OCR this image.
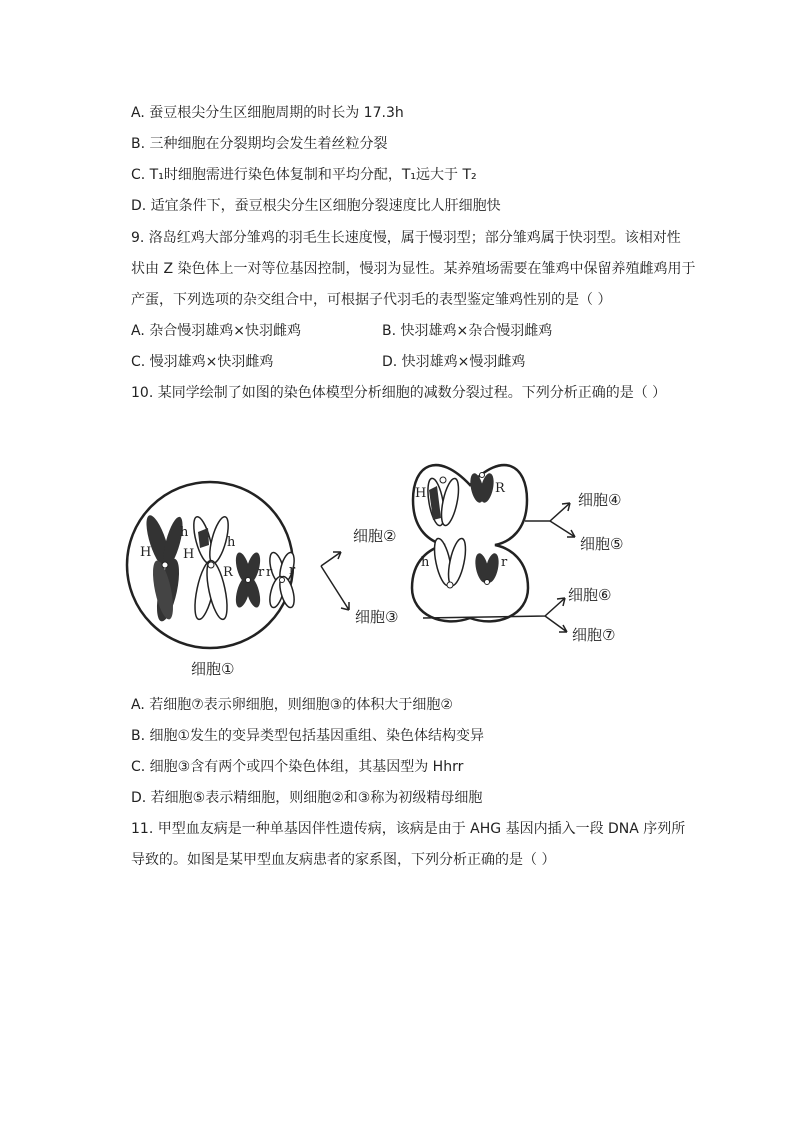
A. 蚕豆根尖分生区细胞周期的时长为 17.3h
B. 三种细胞在分裂期均会发生着丝粒分裂
C. T₁时细胞需进行染色体复制和平均分配，T₁远大于 T₂
D. 适宜条件下，蚕豆根尖分生区细胞分裂速度比人肝细胞快
9. 洛岛红鸡大部分雏鸡的羽毛生长速度慢，属于慢羽型；部分雏鸡属于快羽型。该相对性
状由 Z 染色体上一对等位基因控制，慢羽为显性。某养殖场需要在雏鸡中保留养殖雌鸡用于
产蛋，下列选项的杂交组合中，可根据子代羽毛的表型鉴定雏鸡性别的是（ ）
A. 杂合慢羽雄鸡×快羽雌鸡	B. 快羽雄鸡×杂合慢羽雌鸡
C. 慢羽雄鸡×快羽雌鸡	D. 快羽雄鸡×慢羽雌鸡
10. 某同学绘制了如图的染色体模型分析细胞的减数分裂过程。下列分析正确的是（ ）
H
h
H
h
R r r r
细胞①
细胞②
细胞③
H	R
h	r
细胞④
细胞⑤
细胞⑥
细胞⑦
A. 若细胞⑦表示卵细胞，则细胞③的体积大于细胞②
B. 细胞①发生的变异类型包括基因重组、染色体结构变异
C. 细胞③含有两个或四个染色体组，其基因型为 Hhrr
D. 若细胞⑤表示精细胞，则细胞②和③称为初级精母细胞
11. 甲型血友病是一种单基因伴性遗传病，该病是由于 AHG 基因内插入一段 DNA 序列所
导致的。如图是某甲型血友病患者的家系图，下列分析正确的是（ ）
